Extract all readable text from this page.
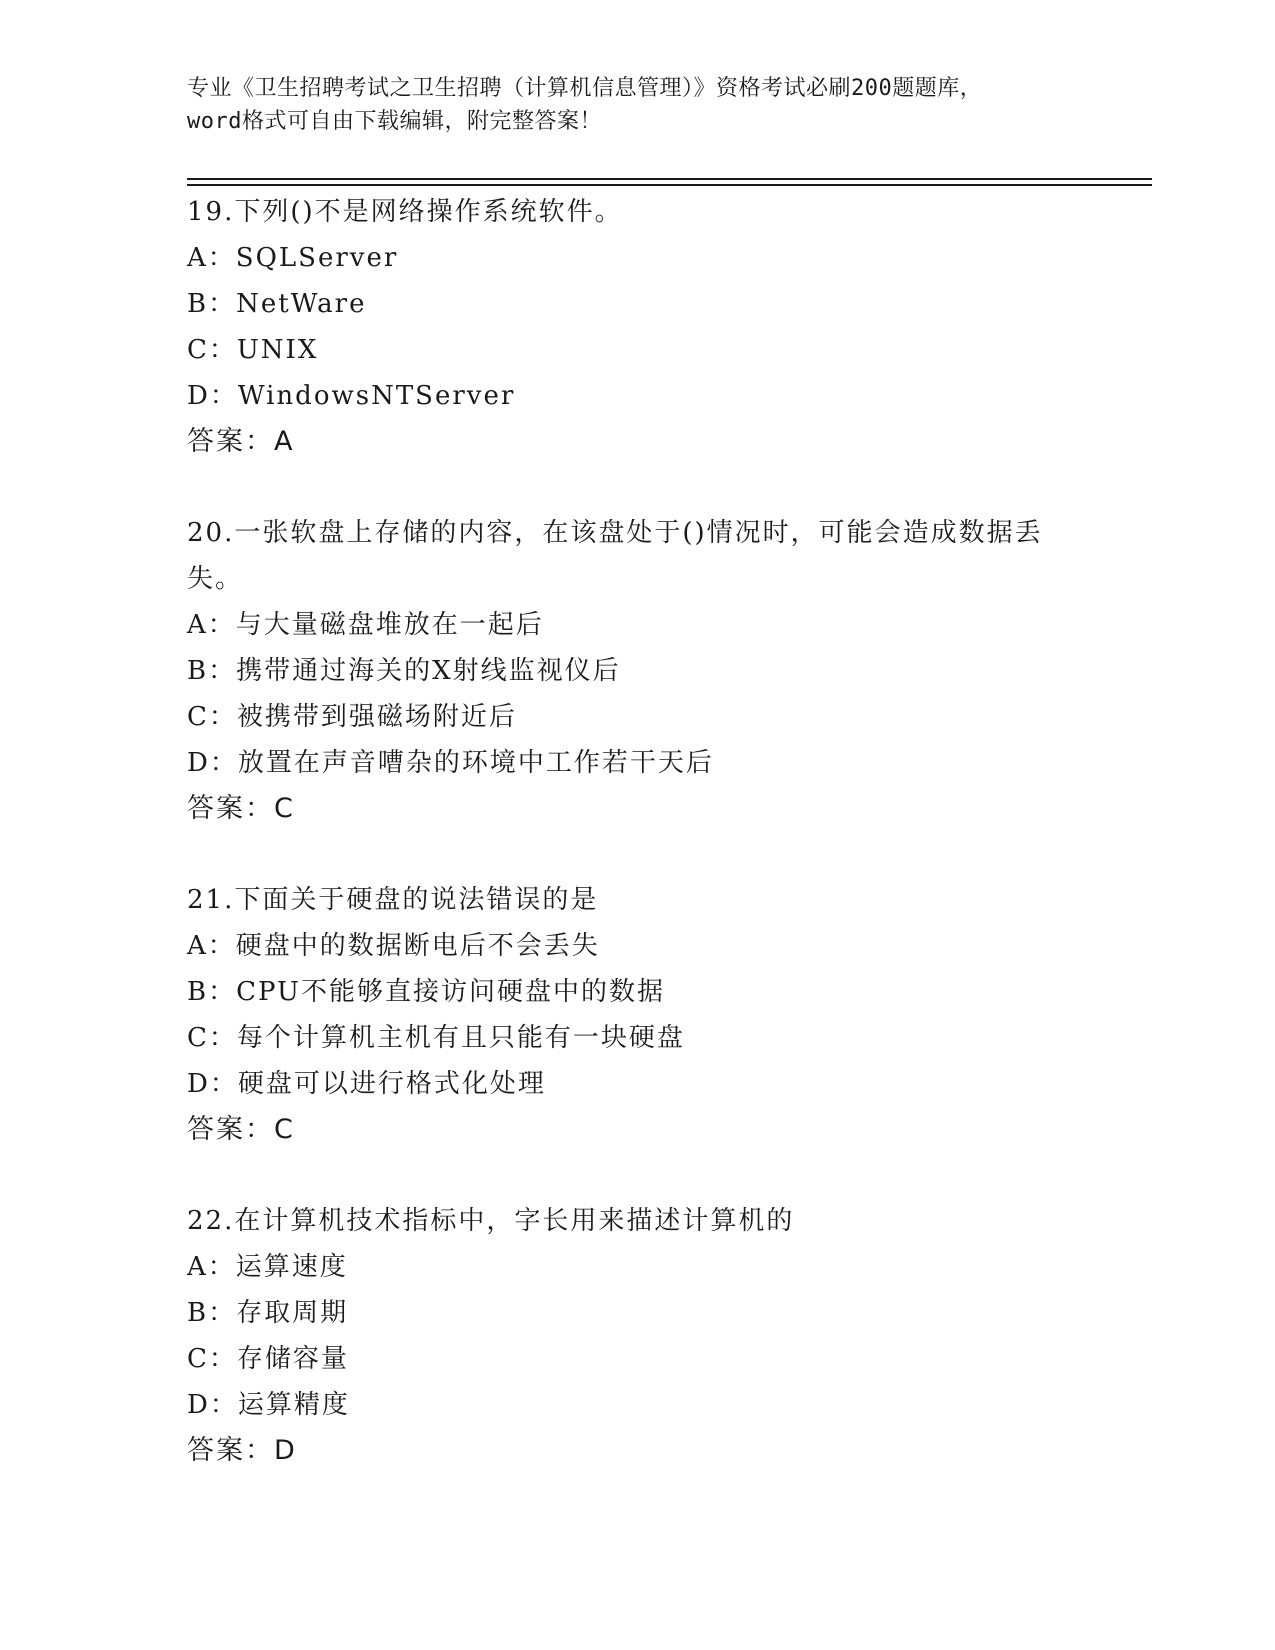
专业《卫生招聘考试之卫生招聘（计算机信息管理）》资格考试必刷200题题库，
word格式可自由下载编辑，附完整答案！
19.下列()不是网络操作系统软件。
A：SQLServer
B：NetWare
C：UNIX
D：WindowsNTServer
答案：A
20.一张软盘上存储的内容，在该盘处于()情况时，可能会造成数据丢失。
A：与大量磁盘堆放在一起后
B：携带通过海关的X射线监视仪后
C：被携带到强磁场附近后
D：放置在声音嘈杂的环境中工作若干天后
答案：C
21.下面关于硬盘的说法错误的是
A：硬盘中的数据断电后不会丢失
B：CPU不能够直接访问硬盘中的数据
C：每个计算机主机有且只能有一块硬盘
D：硬盘可以进行格式化处理
答案：C
22.在计算机技术指标中，字长用来描述计算机的
A：运算速度
B：存取周期
C：存储容量
D：运算精度
答案：D
